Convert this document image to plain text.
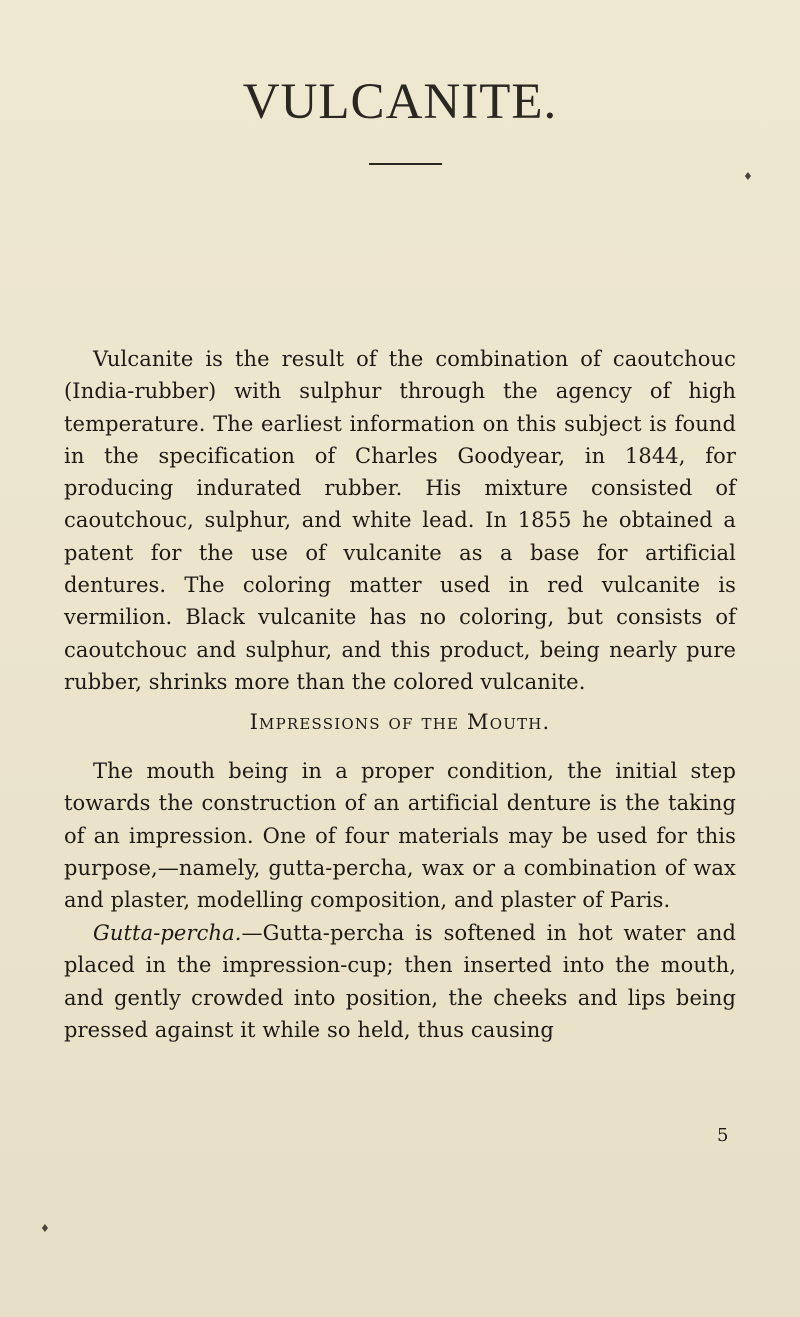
VULCANITE.
♦

Vulcanite is the result of the combination of caoutchouc (India-rubber) with sulphur through the agency of high temperature. The earliest information on this subject is found in the specification of Charles Goodyear, in 1844, for producing indurated rubber. His mixture consisted of caoutchouc, sulphur, and white lead. In 1855 he obtained a patent for the use of vulcanite as a base for artificial dentures. The coloring matter used in red vulcanite is vermilion. Black vulcanite has no coloring, but consists of caoutchouc and sulphur, and this product, being nearly pure rubber, shrinks more than the colored vulcanite.

Impressions of the Mouth.

The mouth being in a proper condition, the initial step towards the construction of an artificial denture is the taking of an impression. One of four materials may be used for this purpose,—namely, gutta-percha, wax or a combination of wax and plaster, modelling composition, and plaster of Paris.

Gutta-percha.—Gutta-percha is softened in hot water and placed in the impression-cup; then inserted into the mouth, and gently crowded into position, the cheeks and lips being pressed against it while so held, thus causing

5

♦
